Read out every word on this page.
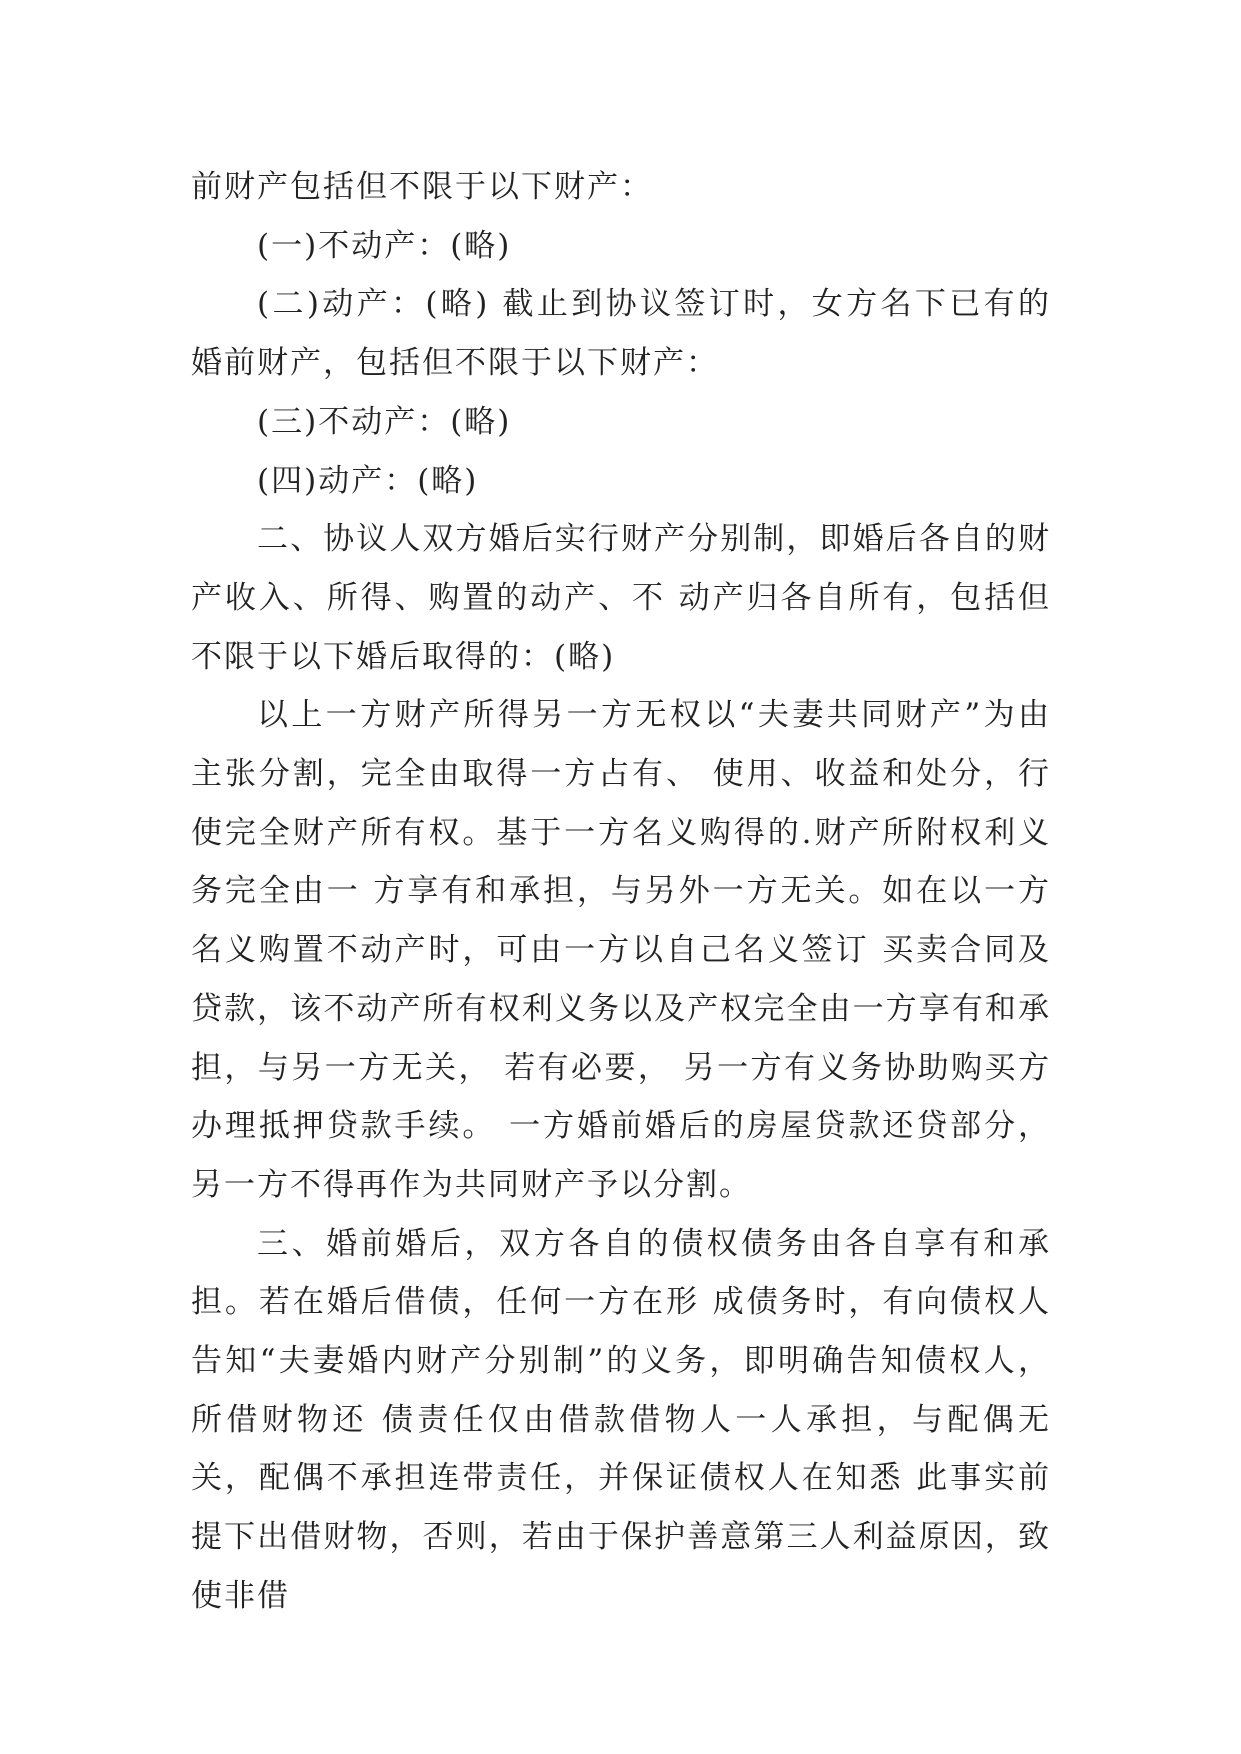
前财产包括但不限于以下财产：

(一)不动产：(略)

(二)动产：(略) 截止到协议签订时，女方名下已有的婚前财产，包括但不限于以下财产：

(三)不动产：(略)

(四)动产：(略)

二、协议人双方婚后实行财产分别制，即婚后各自的财产收入、所得、购置的动产、不 动产归各自所有，包括但不限于以下婚后取得的：(略)

以上一方财产所得另一方无权以“夫妻共同财产”为由主张分割，完全由取得一方占有、 使用、收益和处分，行使完全财产所有权。基于一方名义购得的.财产所附权利义务完全由一 方享有和承担，与另外一方无关。如在以一方名义购置不动产时，可由一方以自己名义签订 买卖合同及贷款，该不动产所有权利义务以及产权完全由一方享有和承担，与另一方无关， 若有必要， 另一方有义务协助购买方办理抵押贷款手续。 一方婚前婚后的房屋贷款还贷部分，另一方不得再作为共同财产予以分割。

三、婚前婚后，双方各自的债权债务由各自享有和承担。若在婚后借债，任何一方在形 成债务时，有向债权人告知“夫妻婚内财产分别制”的义务，即明确告知债权人，所借财物还 债责任仅由借款借物人一人承担，与配偶无关，配偶不承担连带责任，并保证债权人在知悉 此事实前提下出借财物，否则，若由于保护善意第三人利益原因，致使非借
